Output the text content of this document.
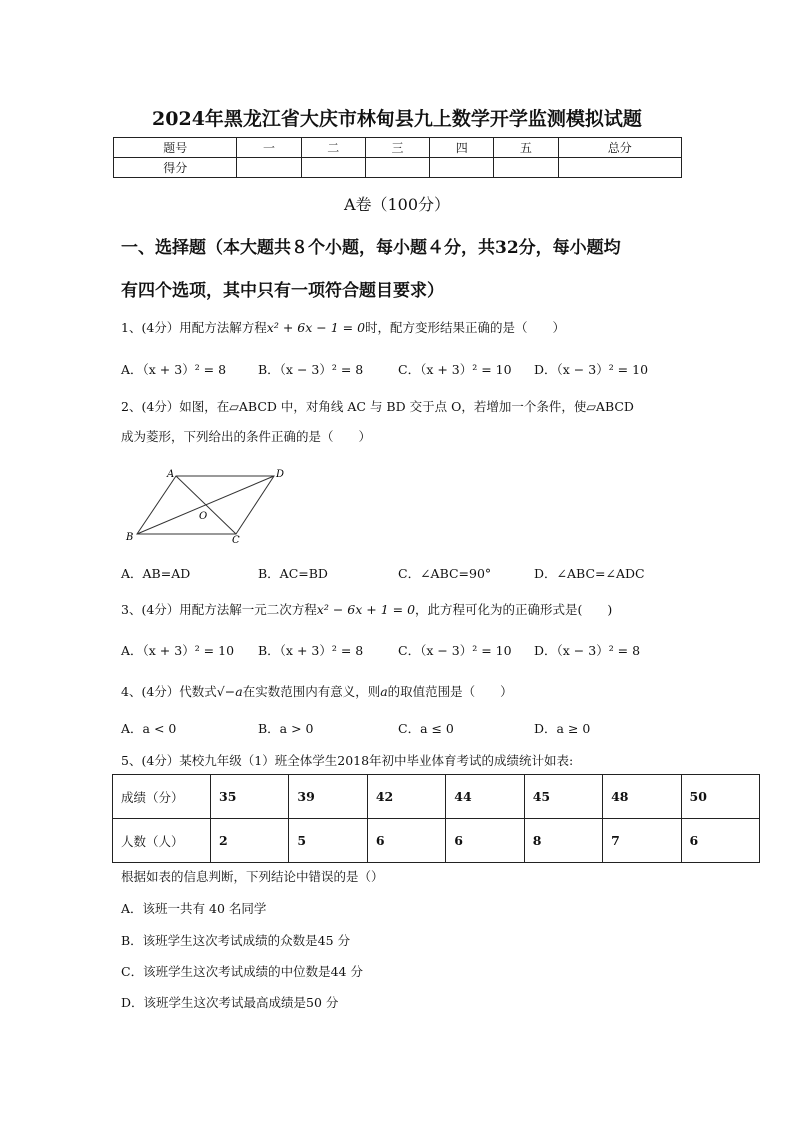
2024年黑龙江省大庆市林甸县九上数学开学监测模拟试题
题号	一	二	三	四	五	总分
得分						
A卷（100分）
一、选择题（本大题共８个小题，每小题４分，共32分，每小题均
有四个选项，其中只有一项符合题目要求）
1、(4分）用配方法解方程x² + 6x − 1 = 0时，配方变形结果正确的是（　　）
A．（x + 3）² = 8	B．（x − 3）² = 8	C．（x + 3）² = 10 D．（x − 3）² = 10
2、(4分）如图，在▱ABCD 中，对角线 AC 与 BD 交于点 O，若增加一个条件，使▱ABCD
成为菱形，下列给出的条件正确的是（　　）
A	D
B	C
O
A．AB=AD	B．AC=BD	C．∠ABC=90°	D．∠ABC=∠ADC
3、(4分）用配方法解一元二次方程x² − 6x + 1 = 0，此方程可化为的正确形式是(　　)
A．（x + 3）² = 10 B．（x + 3）² = 8	C．（x − 3）² = 10 D．（x − 3）² = 8
4、(4分）代数式√−a在实数范围内有意义，则a的取值范围是（　　）
A．a < 0	B．a > 0	C．a ≤ 0	D．a ≥ 0
5、(4分）某校九年级（1）班全体学生2018年初中毕业体育考试的成绩统计如表:
成绩（分）	35	39	42	44	45	48	50
人数（人）	2	5	6	6	8	7	6
根据如表的信息判断，下列结论中错误的是（）
A．该班一共有 40 名同学
B．该班学生这次考试成绩的众数是45 分
C．该班学生这次考试成绩的中位数是44 分
D．该班学生这次考试最高成绩是50 分
